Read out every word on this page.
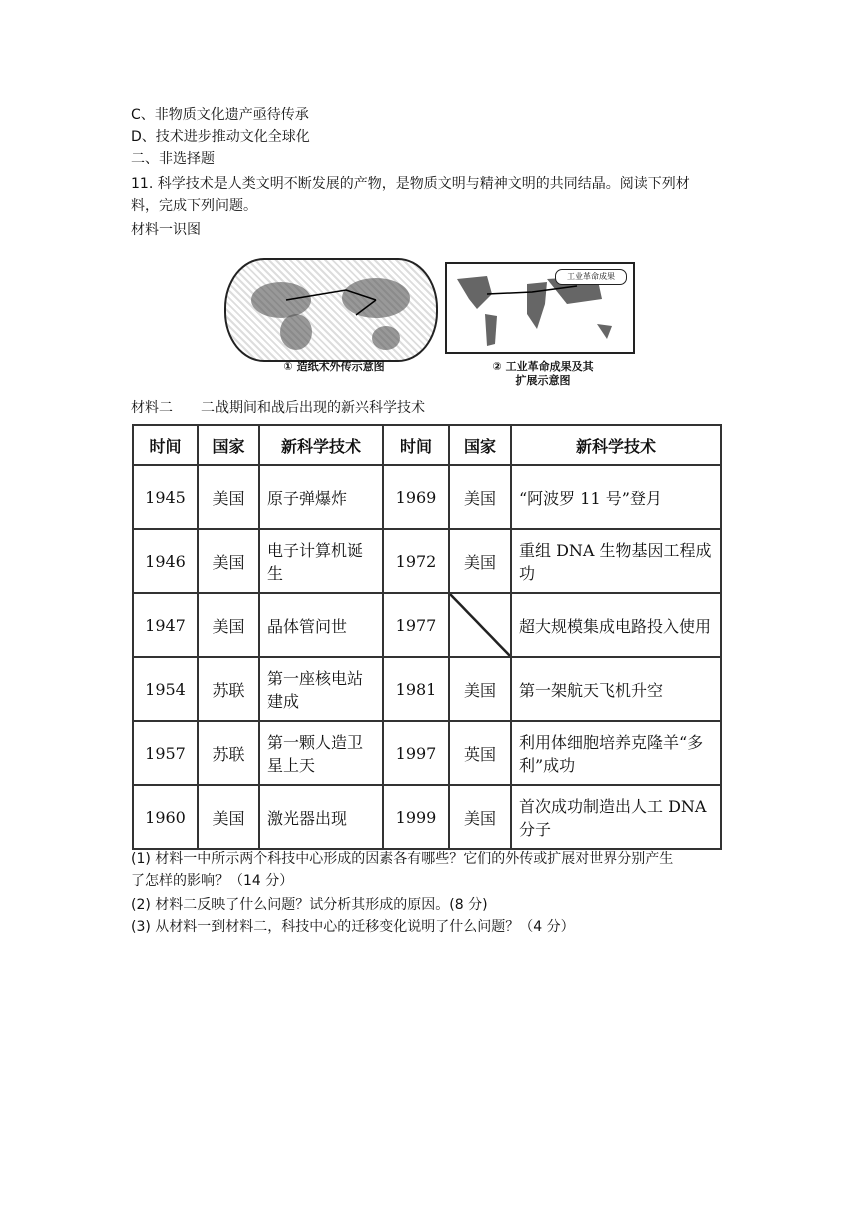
C、非物质文化遗产亟待传承
D、技术进步推动文化全球化
二、非选择题
11. 科学技术是人类文明不断发展的产物，是物质文明与精神文明的共同结晶。阅读下列材
料，完成下列问题。
材料一识图
① 造纸术外传示意图
工业革命成果
② 工业革命成果及其
扩展示意图
材料二　　二战期间和战后出现的新兴科学技术
时间	国家	新科学技术	时间	国家	新科学技术
1945	美国	原子弹爆炸	1969	美国	“阿波罗 11 号”登月
1946	美国	电子计算机诞生	1972	美国	重组 DNA 生物基因工程成功
1947	美国	晶体管问世	1977		超大规模集成电路投入使用
1954	苏联	第一座核电站建成	1981	美国	第一架航天飞机升空
1957	苏联	第一颗人造卫星上天	1997	英国	利用体细胞培养克隆羊“多利”成功
1960	美国	激光器出现	1999	美国	首次成功制造出人工 DNA 分子
(1) 材料一中所示两个科技中心形成的因素各有哪些？它们的外传或扩展对世界分别产生
了怎样的影响？（14 分）
(2) 材料二反映了什么问题？试分析其形成的原因。(8 分)
(3) 从材料一到材料二，科技中心的迁移变化说明了什么问题？（4 分）
